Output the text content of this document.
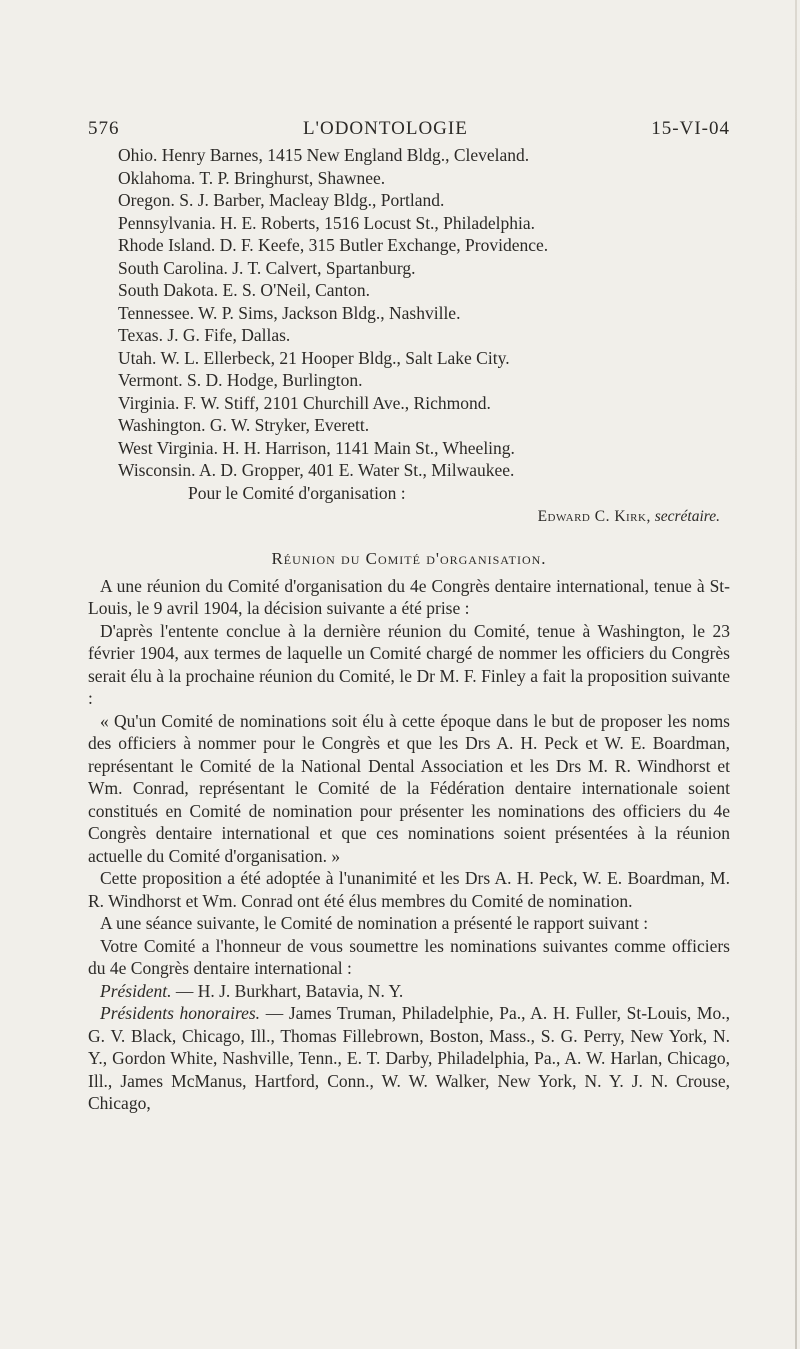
576	L'ODONTOLOGIE	15-VI-04
Ohio. Henry Barnes, 1415 New England Bldg., Cleveland.
Oklahoma. T. P. Bringhurst, Shawnee.
Oregon. S. J. Barber, Macleay Bldg., Portland.
Pennsylvania. H. E. Roberts, 1516 Locust St., Philadelphia.
Rhode Island. D. F. Keefe, 315 Butler Exchange, Providence.
South Carolina. J. T. Calvert, Spartanburg.
South Dakota. E. S. O'Neil, Canton.
Tennessee. W. P. Sims, Jackson Bldg., Nashville.
Texas. J. G. Fife, Dallas.
Utah. W. L. Ellerbeck, 21 Hooper Bldg., Salt Lake City.
Vermont. S. D. Hodge, Burlington.
Virginia. F. W. Stiff, 2101 Churchill Ave., Richmond.
Washington. G. W. Stryker, Everett.
West Virginia. H. H. Harrison, 1141 Main St., Wheeling.
Wisconsin. A. D. Gropper, 401 E. Water St., Milwaukee.
Pour le Comité d'organisation :
Edward C. Kirk, secrétaire.
Réunion du Comité d'organisation.

A une réunion du Comité d'organisation du 4e Congrès dentaire international, tenue à St-Louis, le 9 avril 1904, la décision suivante a été prise :

D'après l'entente conclue à la dernière réunion du Comité, tenue à Washington, le 23 février 1904, aux termes de laquelle un Comité chargé de nommer les officiers du Congrès serait élu à la prochaine réunion du Comité, le Dr M. F. Finley a fait la proposition suivante :

« Qu'un Comité de nominations soit élu à cette époque dans le but de proposer les noms des officiers à nommer pour le Congrès et que les Drs A. H. Peck et W. E. Boardman, représentant le Comité de la National Dental Association et les Drs M. R. Windhorst et Wm. Conrad, représentant le Comité de la Fédération dentaire internationale soient constitués en Comité de nomination pour présenter les nominations des officiers du 4e Congrès dentaire international et que ces nominations soient présentées à la réunion actuelle du Comité d'organisation. »

Cette proposition a été adoptée à l'unanimité et les Drs A. H. Peck, W. E. Boardman, M. R. Windhorst et Wm. Conrad ont été élus membres du Comité de nomination.

A une séance suivante, le Comité de nomination a présenté le rapport suivant :

Votre Comité a l'honneur de vous soumettre les nominations suivantes comme officiers du 4e Congrès dentaire international :

Président. — H. J. Burkhart, Batavia, N. Y.

Présidents honoraires. — James Truman, Philadelphie, Pa., A. H. Fuller, St-Louis, Mo., G. V. Black, Chicago, Ill., Thomas Fillebrown, Boston, Mass., S. G. Perry, New York, N. Y., Gordon White, Nashville, Tenn., E. T. Darby, Philadelphia, Pa., A. W. Harlan, Chicago, Ill., James McManus, Hartford, Conn., W. W. Walker, New York, N. Y. J. N. Crouse, Chicago,
